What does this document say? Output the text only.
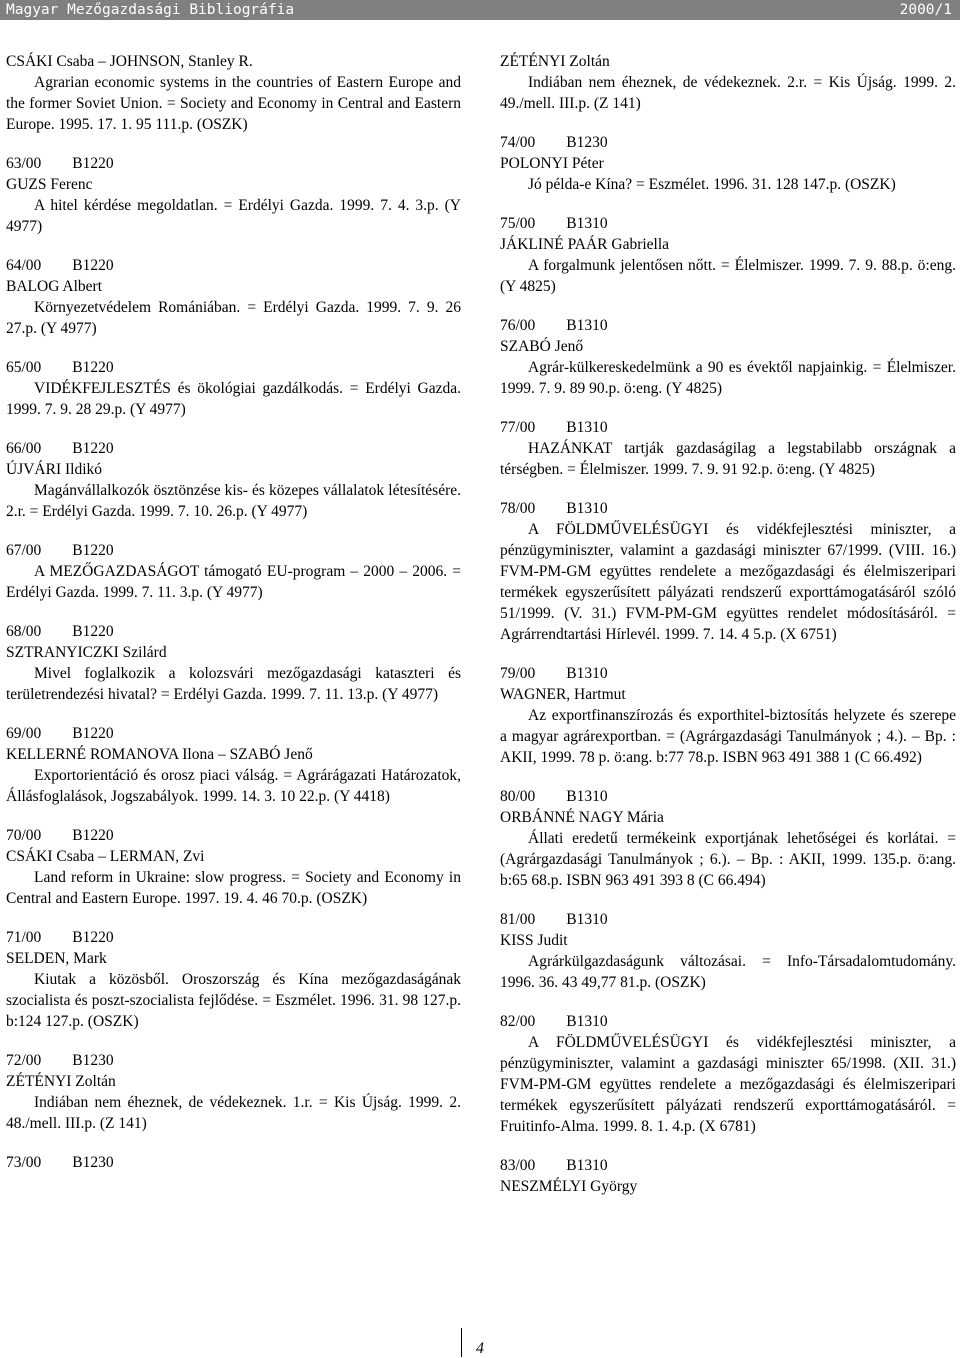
Magyar Mezőgazdasági Bibliográfia	2000/1
CSÁKI Csaba – JOHNSON, Stanley R.
Agrarian economic systems in the countries of Eastern Europe and the former Soviet Union. = Society and Economy in Central and Eastern Europe. 1995. 17. 1. 95 111.p. (OSZK)
63/00        B1220
GUZS Ferenc
A hitel kérdése megoldatlan. = Erdélyi Gazda. 1999. 7. 4. 3.p. (Y 4977)
64/00        B1220
BALOG Albert
Környezetvédelem Romániában. = Erdélyi Gazda. 1999. 7. 9. 26 27.p. (Y 4977)
65/00        B1220
VIDÉKFEJLESZTÉS és ökológiai gazdálkodás. = Erdélyi Gazda. 1999. 7. 9. 28 29.p. (Y 4977)
66/00        B1220
ÚJVÁRI Ildikó
Magánvállalkozók ösztönzése kis- és közepes vállalatok létesítésére. 2.r. = Erdélyi Gazda. 1999. 7. 10. 26.p. (Y 4977)
67/00        B1220
A MEZŐGAZDASÁGOT támogató EU-program – 2000 – 2006. = Erdélyi Gazda. 1999. 7. 11. 3.p. (Y 4977)
68/00        B1220
SZTRANYICZKI Szilárd
Mivel foglalkozik a kolozsvári mezőgazdasági kataszteri és területrendezési hivatal? = Erdélyi Gazda. 1999. 7. 11. 13.p. (Y 4977)
69/00        B1220
KELLERNÉ ROMANOVA Ilona – SZABÓ Jenő
Exportorientáció és orosz piaci válság. = Agrárágazati Határozatok, Állásfoglalások, Jogszabályok. 1999. 14. 3. 10 22.p. (Y 4418)
70/00        B1220
CSÁKI Csaba – LERMAN, Zvi
Land reform in Ukraine: slow progress. = Society and Economy in Central and Eastern Europe. 1997. 19. 4. 46 70.p. (OSZK)
71/00        B1220
SELDEN, Mark
Kiutak a közösből. Oroszország és Kína mezőgazdaságának szocialista és poszt-szocialista fejlődése. = Eszmélet. 1996. 31. 98 127.p. b:124 127.p. (OSZK)
72/00        B1230
ZÉTÉNYI Zoltán
Indiában nem éheznek, de védekeznek. 1.r. = Kis Újság. 1999. 2. 48./mell. III.p. (Z 141)
73/00        B1230
ZÉTÉNYI Zoltán
Indiában nem éheznek, de védekeznek. 2.r. = Kis Újság. 1999. 2. 49./mell. III.p. (Z 141)
74/00        B1230
POLONYI Péter
Jó példa-e Kína? = Eszmélet. 1996. 31. 128 147.p. (OSZK)
75/00        B1310
JÁKLINÉ PAÁR Gabriella
A forgalmunk jelentősen nőtt. = Élelmiszer. 1999. 7. 9. 88.p. ö:eng. (Y 4825)
76/00        B1310
SZABÓ Jenő
Agrár-külkereskedelmünk a 90 es évektől napjainkig. = Élelmiszer. 1999. 7. 9. 89 90.p. ö:eng. (Y 4825)
77/00        B1310
HAZÁNKAT tartják gazdaságilag a legstabilabb országnak a térségben. = Élelmiszer. 1999. 7. 9. 91 92.p. ö:eng. (Y 4825)
78/00        B1310
A FÖLDMŰVELÉSÜGYI és vidékfejlesztési miniszter, a pénzügyminiszter, valamint a gazdasági miniszter 67/1999. (VIII. 16.) FVM-PM-GM együttes rendelete a mezőgazdasági és élelmiszeripari termékek egyszerűsített pályázati rendszerű exporttámogatásáról szóló 51/1999. (V. 31.) FVM-PM-GM együttes rendelet módosításáról. = Agrárrendtartási Hírlevél. 1999. 7. 14. 4 5.p. (X 6751)
79/00        B1310
WAGNER, Hartmut
Az exportfinanszírozás és exporthitel-biztosítás helyzete és szerepe a magyar agrárexportban. = (Agrárgazdasági Tanulmányok ; 4.). – Bp. : AKII, 1999. 78 p. ö:ang. b:77 78.p. ISBN 963 491 388 1 (C 66.492)
80/00        B1310
ORBÁNNÉ NAGY Mária
Állati eredetű termékeink exportjának lehetőségei és korlátai. = (Agrárgazdasági Tanulmányok ; 6.). – Bp. : AKII, 1999. 135.p. ö:ang. b:65 68.p. ISBN 963 491 393 8 (C 66.494)
81/00        B1310
KISS Judit
Agrárkülgazdaságunk változásai. = Info-Társadalomtudomány. 1996. 36. 43 49,77 81.p. (OSZK)
82/00        B1310
A FÖLDMŰVELÉSÜGYI és vidékfejlesztési miniszter, a pénzügyminiszter, valamint a gazdasági miniszter 65/1998. (XII. 31.) FVM-PM-GM együttes rendelete a mezőgazdasági és élelmiszeripari termékek egyszerűsített pályázati rendszerű exporttámogatásáról. = Fruitinfo-Alma. 1999. 8. 1. 4.p. (X 6781)
83/00        B1310
NESZMÉLYI György
4
